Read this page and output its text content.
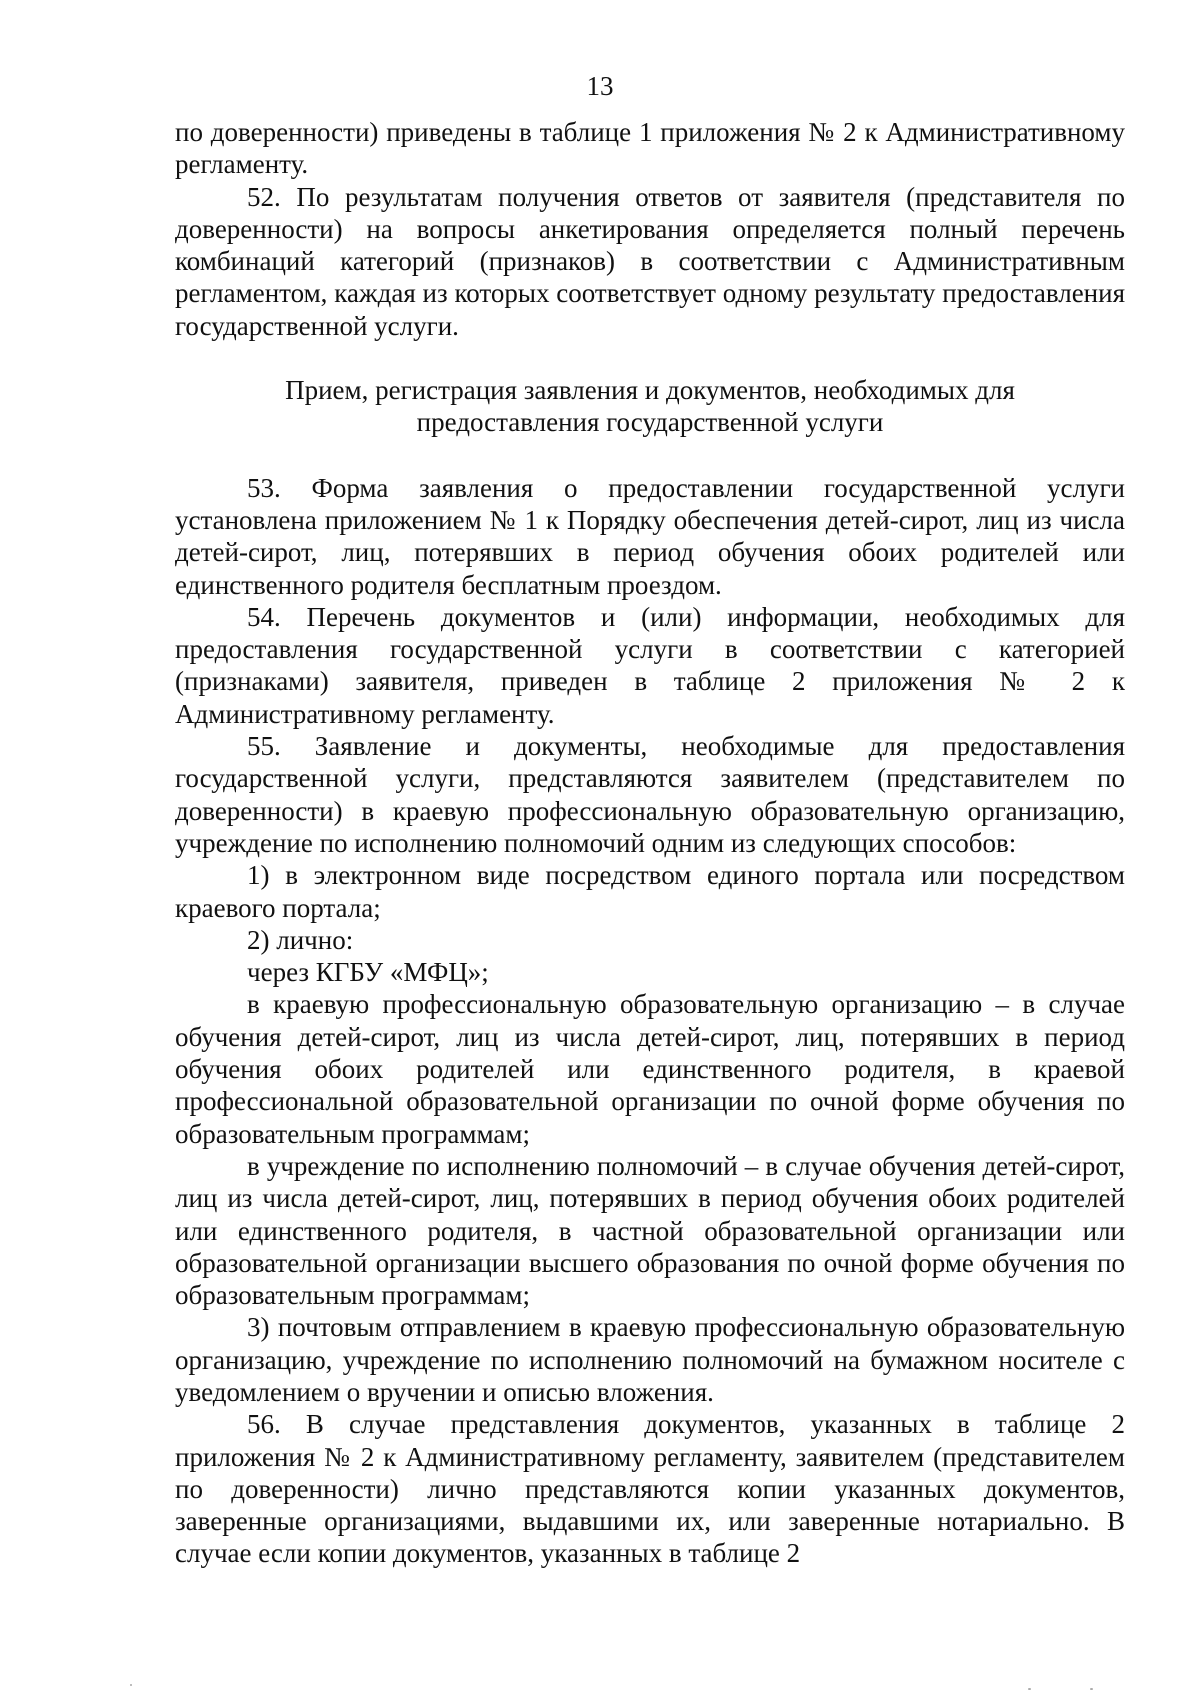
13

по доверенности) приведены в таблице 1 приложения № 2 к Административному регламенту.

52. По результатам получения ответов от заявителя (представителя по доверенности) на вопросы анкетирования определяется полный перечень комбинаций категорий (признаков) в соответствии с Административным регламентом, каждая из которых соответствует одному результату предоставления государственной услуги.

Прием, регистрация заявления и документов, необходимых для предоставления государственной услуги

53. Форма заявления о предоставлении государственной услуги установлена приложением № 1 к Порядку обеспечения детей-сирот, лиц из числа детей-сирот, лиц, потерявших в период обучения обоих родителей или единственного родителя бесплатным проездом.

54. Перечень документов и (или) информации, необходимых для предоставления государственной услуги в соответствии с категорией (признаками) заявителя, приведен в таблице 2 приложения № 2 к Административному регламенту.

55. Заявление и документы, необходимые для предоставления государственной услуги, представляются заявителем (представителем по доверенности) в краевую профессиональную образовательную организацию, учреждение по исполнению полномочий одним из следующих способов:

1) в электронном виде посредством единого портала или посредством краевого портала;

2) лично:

через КГБУ «МФЦ»;

в краевую профессиональную образовательную организацию – в случае обучения детей-сирот, лиц из числа детей-сирот, лиц, потерявших в период обучения обоих родителей или единственного родителя, в краевой профессиональной образовательной организации по очной форме обучения по образовательным программам;

в учреждение по исполнению полномочий – в случае обучения детей-сирот, лиц из числа детей-сирот, лиц, потерявших в период обучения обоих родителей или единственного родителя, в частной образовательной организации или образовательной организации высшего образования по очной форме обучения по образовательным программам;

3) почтовым отправлением в краевую профессиональную образовательную организацию, учреждение по исполнению полномочий на бумажном носителе с уведомлением о вручении и описью вложения.

56. В случае представления документов, указанных в таблице 2 приложения № 2 к Административному регламенту, заявителем (представителем по доверенности) лично представляются копии указанных документов, заверенные организациями, выдавшими их, или заверенные нотариально. В случае если копии документов, указанных в таблице 2
